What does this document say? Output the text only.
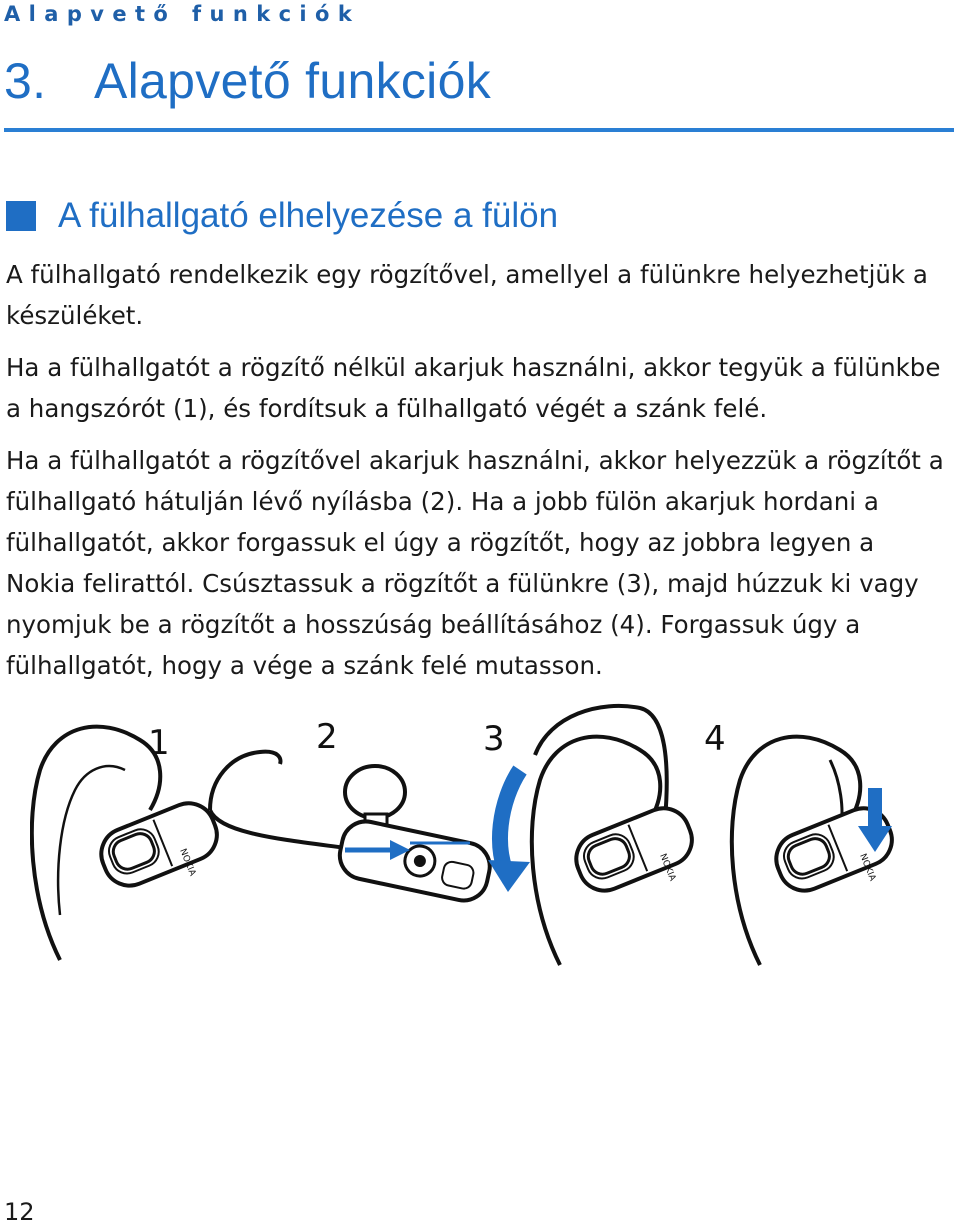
Alapvető funkciók
3. Alapvető funkciók
A fülhallgató elhelyezése a fülön

A fülhallgató rendelkezik egy rögzítővel, amellyel a fülünkre helyezhetjük a készüléket.

Ha a fülhallgatót a rögzítő nélkül akarjuk használni, akkor tegyük a fülünkbe a hangszórót (1), és fordítsuk a fülhallgató végét a szánk felé.

Ha a fülhallgatót a rögzítővel akarjuk használni, akkor helyezzük a rögzítőt a fülhallgató hátulján lévő nyílásba (2). Ha a jobb fülön akarjuk hordani a fülhallgatót, akkor forgassuk el úgy a rögzítőt, hogy az jobbra legyen a Nokia felirattól. Csúsztassuk a rögzítőt a fülünkre (3), majd húzzuk ki vagy nyomjuk be a rögzítőt a hosszúság beállításához (4). Forgassuk úgy a fülhallgatót, hogy a vége a szánk felé mutasson.

NOKIA
1	2
NOKIA
3
NOKIA
4
12
